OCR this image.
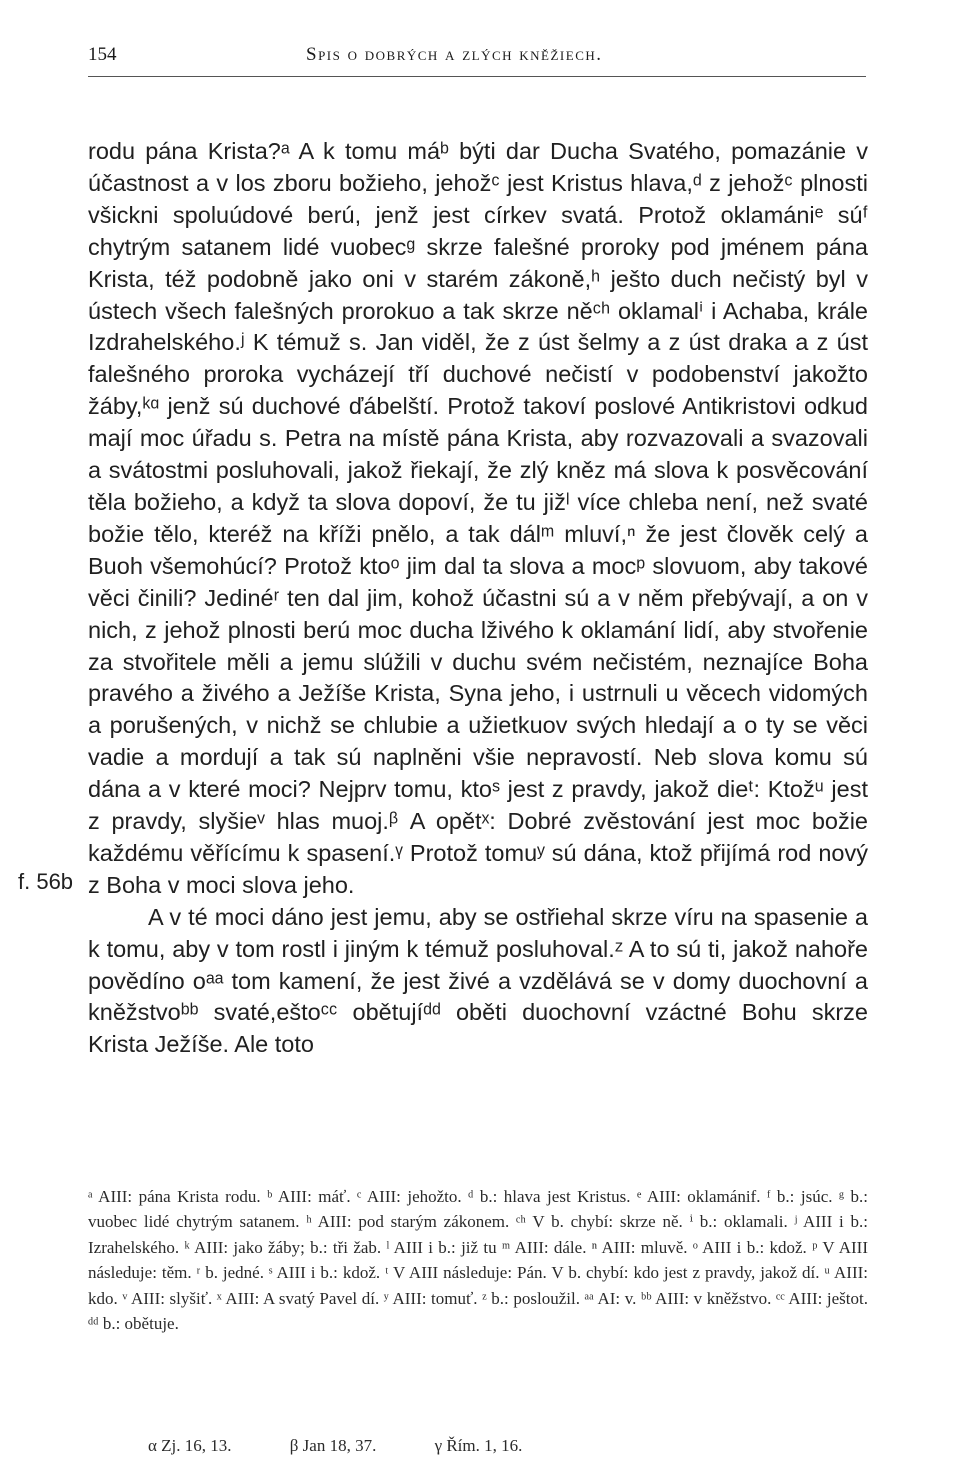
154	Spis o dobrých a zlých kněžiech.
f. 56b

rodu pána Krista?ᵃ A k tomu máᵇ býti dar Ducha Svatého, pomazánie v účastnost a v los zboru božieho, jehožᶜ jest Kristus hlava,ᵈ z jehožᶜ plnosti všickni spoluúdové berú, jenž jest církev svatá. Protož oklamániᵉ súᶠ chytrým satanem lidé vuobecᵍ skrze falešné proroky pod jménem pána Krista, též podobně jako oni v starém zákoně,ʰ ješto duch nečistý byl v ústech všech falešných prorokuo a tak skrze něᶜʰ oklamalⁱ i Achaba, krále Izdrahelského.ʲ K témuž s. Jan viděl, že z úst šelmy a z úst draka a z úst falešného proroka vycházejí tří duchové nečistí v podobenství jakožto žáby,ᵏᵅ jenž sú duchové ďábelští. Protož takoví poslové Antikristovi odkud mají moc úřadu s. Petra na místě pána Krista, aby rozvazovali a svazovali a svátostmi posluhovali, jakož řiekají, že zlý kněz má slova k posvěcování těla božieho, a když ta slova dopoví, že tu jižˡ více chleba není, než svaté božie tělo, kteréž na kříži pnělo, a tak dálᵐ mluví,ⁿ že jest člověk celý a Buoh všemohúcí? Protož ktoᵒ jim dal ta slova a mocᵖ slovuom, aby takové věci činili? Jedinéʳ ten dal jim, kohož účastni sú a v něm přebývají, a on v nich, z jehož plnosti berú moc ducha lživého k oklamání lidí, aby stvořenie za stvořitele měli a jemu slúžili v duchu svém nečistém, neznajíce Boha pravého a živého a Ježíše Krista, Syna jeho, i ustrnuli u věcech vidomých a porušených, v nichž se chlubie a užietkuov svých hledají a o ty se věci vadie a mordují a tak sú naplněni všie nepravostí. Neb slova komu sú dána a v které moci? Nejprv tomu, ktoˢ jest z pravdy, jakož dieᵗ: Ktožᵘ jest z pravdy, slyšieᵛ hlas muoj.ᵝ A opětˣ: Dobré zvěstování jest moc božie každému věřícímu k spasení.ᵞ Protož tomuʸ sú dána, ktož přijímá rod nový z Boha v moci slova jeho.

A v té moci dáno jest jemu, aby se ostřiehal skrze víru na spasenie a k tomu, aby v tom rostl i jiným k témuž posluhoval.ᶻ A to sú ti, jakož nahoře povědíno oᵃᵃ tom kamení, že jest živé a vzdělává se v domy duochovní a kněžstvoᵇᵇ svaté,eštoᶜᶜ obětujíᵈᵈ oběti duochovní vzáctné Bohu skrze Krista Ježíše. Ale toto

ᵃ AIII: pána Krista rodu. ᵇ AIII: máť. ᶜ AIII: jehožto. ᵈ b.: hlava jest Kristus. ᵉ AIII: oklamánif. ᶠ b.: jsúc. ᵍ b.: vuobec lidé chytrým satanem. ʰ AIII: pod starým zákonem. ᶜʰ V b. chybí: skrze ně. ⁱ b.: oklamali. ʲ AIII i b.: Izrahelského. ᵏ AIII: jako žáby; b.: tři žab. ˡ AIII i b.: již tu ᵐ AIII: dále. ⁿ AIII: mluvě. ᵒ AIII i b.: kdož. ᵖ V AIII následuje: těm. ʳ b. jedné. ˢ AIII i b.: kdož. ᵗ V AIII následuje: Pán. V b. chybí: kdo jest z pravdy, jakož dí. ᵘ AIII: kdo. ᵛ AIII: slyšiť. ˣ AIII: A svatý Pavel dí. ʸ AIII: tomuť. ᶻ b.: posloužil. ᵃᵃ AI: v. ᵇᵇ AIII: v kněžstvo. ᶜᶜ AIII: ještot. ᵈᵈ b.: obětuje.

α Zj. 16, 13.	β Jan 18, 37.	γ Řím. 1, 16.
